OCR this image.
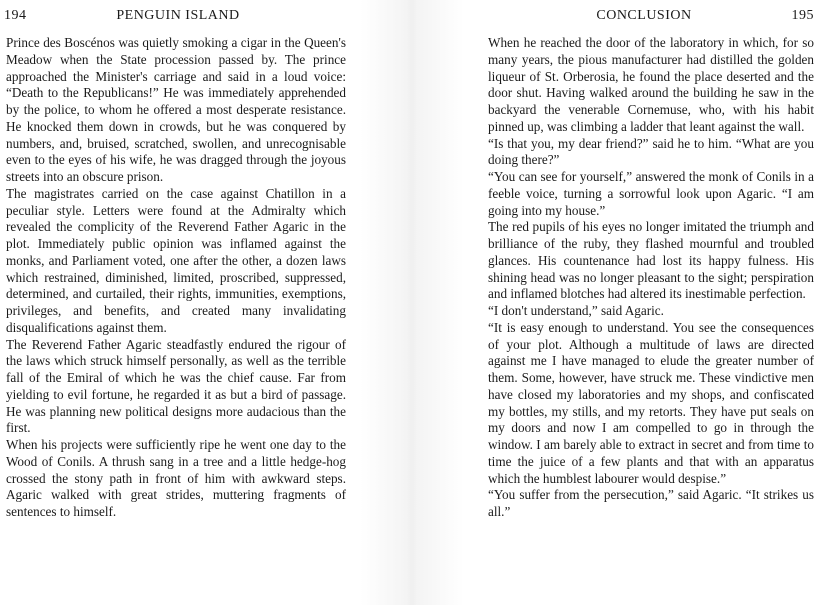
194	PENGUIN ISLAND

Prince des Boscénos was quietly smoking a cigar in the Queen's Meadow when the State procession passed by. The prince approached the Minister's carriage and said in a loud voice: “Death to the Republicans!” He was immediately apprehended by the police, to whom he offered a most desperate resistance. He knocked them down in crowds, but he was conquered by numbers, and, bruised, scratched, swollen, and unrecognisable even to the eyes of his wife, he was dragged through the joyous streets into an obscure prison.

The magistrates carried on the case against Chatillon in a peculiar style. Letters were found at the Admiralty which revealed the complicity of the Reverend Father Agaric in the plot. Immediately public opinion was inflamed against the monks, and Parliament voted, one after the other, a dozen laws which restrained, diminished, limited, proscribed, suppressed, determined, and curtailed, their rights, immunities, exemptions, privileges, and benefits, and created many invalidating disqualifications against them.

The Reverend Father Agaric steadfastly endured the rigour of the laws which struck himself personally, as well as the terrible fall of the Emiral of which he was the chief cause. Far from yielding to evil fortune, he regarded it as but a bird of passage. He was planning new political designs more audacious than the first.

When his projects were sufficiently ripe he went one day to the Wood of Conils. A thrush sang in a tree and a little hedge-hog crossed the stony path in front of him with awkward steps. Agaric walked with great strides, muttering fragments of sentences to himself.

CONCLUSION	195

When he reached the door of the laboratory in which, for so many years, the pious manufacturer had distilled the golden liqueur of St. Orberosia, he found the place deserted and the door shut. Having walked around the building he saw in the backyard the venerable Cornemuse, who, with his habit pinned up, was climbing a ladder that leant against the wall.

“Is that you, my dear friend?” said he to him. “What are you doing there?”

“You can see for yourself,” answered the monk of Conils in a feeble voice, turning a sorrowful look upon Agaric. “I am going into my house.”

The red pupils of his eyes no longer imitated the triumph and brilliance of the ruby, they flashed mournful and troubled glances. His countenance had lost its happy fulness. His shining head was no longer pleasant to the sight; perspiration and inflamed blotches had altered its inestimable perfection.

“I don't understand,” said Agaric.

“It is easy enough to understand. You see the consequences of your plot. Although a multitude of laws are directed against me I have managed to elude the greater number of them. Some, however, have struck me. These vindictive men have closed my laboratories and my shops, and confiscated my bottles, my stills, and my retorts. They have put seals on my doors and now I am compelled to go in through the window. I am barely able to extract in secret and from time to time the juice of a few plants and that with an apparatus which the humblest labourer would despise.”

“You suffer from the persecution,” said Agaric. “It strikes us all.”
